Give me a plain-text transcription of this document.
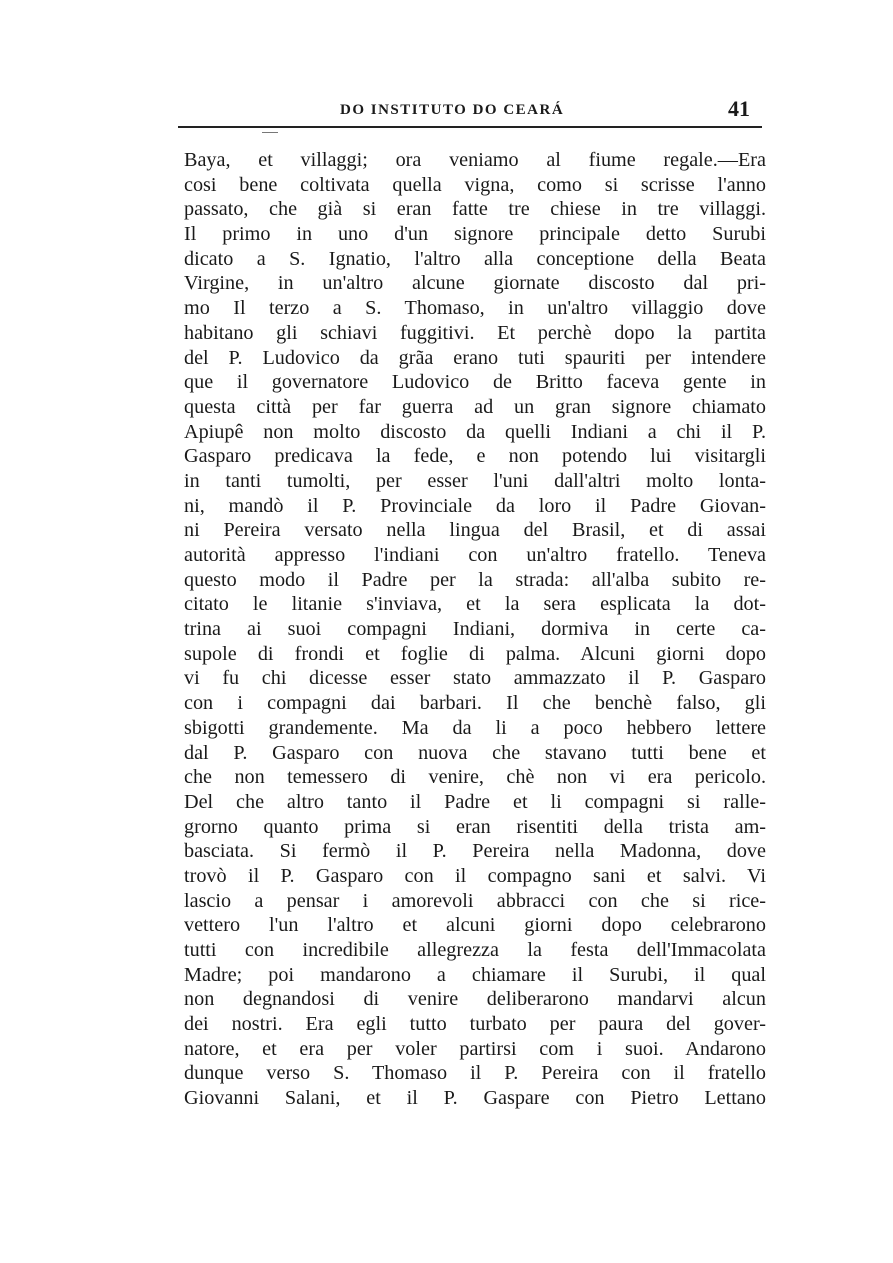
DO INSTITUTO DO CEARÁ	41
Baya, et villaggi; ora veniamo al fiume regale.—Era
cosi bene coltivata quella vigna, como si scrisse l'anno
passato, che già si eran fatte tre chiese in tre villaggi.
Il primo in uno d'un signore principale detto Surubi
dicato a S. Ignatio, l'altro alla conceptione della Beata
Virgine, in un'altro alcune giornate discosto dal pri-
mo Il terzo a S. Thomaso, in un'altro villaggio dove
habitano gli schiavi fuggitivi. Et perchè dopo la partita
del P. Ludovico da grãa erano tuti spauriti per intendere
que il governatore Ludovico de Britto faceva gente in
questa città per far guerra ad un gran signore chiamato
Apiupê non molto discosto da quelli Indiani a chi il P.
Gasparo predicava la fede, e non potendo lui visitargli
in tanti tumolti, per esser l'uni dall'altri molto lonta-
ni, mandò il P. Provinciale da loro il Padre Giovan-
ni Pereira versato nella lingua del Brasil, et di assai
autorità appresso l'indiani con un'altro fratello. Teneva
questo modo il Padre per la strada: all'alba subito re-
citato le litanie s'inviava, et la sera esplicata la dot-
trina ai suoi compagni Indiani, dormiva in certe ca-
supole di frondi et foglie di palma. Alcuni giorni dopo
vi fu chi dicesse esser stato ammazzato il P. Gasparo
con i compagni dai barbari. Il che benchè falso, gli
sbigotti grandemente. Ma da li a poco hebbero lettere
dal P. Gasparo con nuova che stavano tutti bene et
che non temessero di venire, chè non vi era pericolo.
Del che altro tanto il Padre et li compagni si ralle-
grorno quanto prima si eran risentiti della trista am-
basciata. Si fermò il P. Pereira nella Madonna, dove
trovò il P. Gasparo con il compagno sani et salvi. Vi
lascio a pensar i amorevoli abbracci con che si rice-
vettero l'un l'altro et alcuni giorni dopo celebrarono
tutti con incredibile allegrezza la festa dell'Immacolata
Madre; poi mandarono a chiamare il Surubi, il qual
non degnandosi di venire deliberarono mandarvi alcun
dei nostri. Era egli tutto turbato per paura del gover-
natore, et era per voler partirsi com i suoi. Andarono
dunque verso S. Thomaso il P. Pereira con il fratello
Giovanni Salani, et il P. Gaspare con Pietro Lettano
